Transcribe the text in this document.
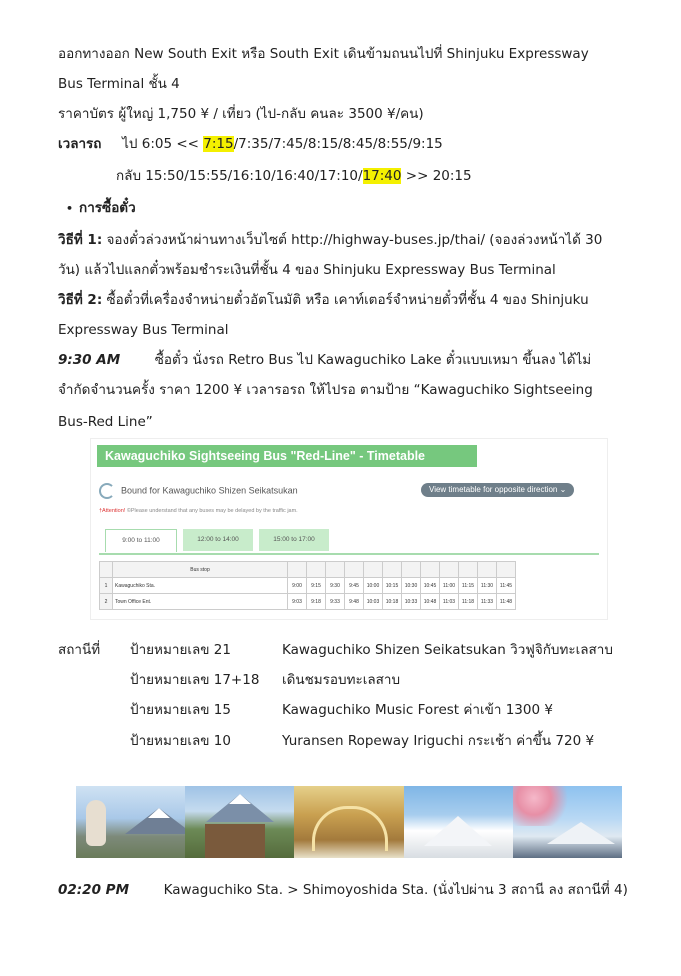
ออกทางออก New South Exit หรือ South Exit เดินข้ามถนนไปที่ Shinjuku Expressway
Bus Terminal ชั้น 4
ราคาบัตร ผู้ใหญ่ 1,750 ¥ / เที่ยว (ไป-กลับ คนละ 3500 ¥/คน)
เวลารถ ไป 6:05 << 7:15/7:35/7:45/8:15/8:45/8:55/9:15
กลับ 15:50/15:55/16:10/16:40/17:10/17:40 >> 20:15
• การซื้อตั๋ว
วิธีที่ 1: จองตั๋วล่วงหน้าผ่านทางเว็บไซต์ http://highway-buses.jp/thai/ (จองล่วงหน้าได้ 30
วัน) แล้วไปแลกตั๋วพร้อมชำระเงินที่ชั้น 4 ของ Shinjuku Expressway Bus Terminal
วิธีที่ 2: ซื้อตั๋วที่เครื่องจำหน่ายตั๋วอัตโนมัติ หรือ เคาท์เตอร์จำหน่ายตั๋วที่ชั้น 4 ของ Shinjuku
Expressway Bus Terminal
9:30 AM	ซื้อตั๋ว นั่งรถ Retro Bus ไป Kawaguchiko Lake ตั๋วแบบเหมา ขึ้นลง ได้ไม่
จำกัดจำนวนครั้ง ราคา 1200 ¥ เวลารอรถ ให้ไปรอ ตามป้าย “Kawaguchiko Sightseeing
Bus-Red Line”
Kawaguchiko Sightseeing Bus "Red-Line" - Timetable
Bound for Kawaguchiko Shizen Seikatsukan	View timetable for opposite direction ⌄
†Attention! ©Please understand that any buses may be delayed by the traffic jam.
9:00 to 11:00	12:00 to 14:00	15:00 to 17:00
	Bus stop												
1	Kawaguchiko Sta.	9:00	9:15	9:30	9:45	10:00	10:15	10:30	10:45	11:00	11:15	11:30	11:45
2	Town Office Ent.	9:03	9:18	9:33	9:48	10:03	10:18	10:33	10:48	11:03	11:18	11:33	11:48
สถานีที่ ป้ายหมายเลข 21	Kawaguchiko Shizen Seikatsukan วิวฟูจิกับทะเลสาบ
ป้ายหมายเลข 17+18 เดินชมรอบทะเลสาบ
ป้ายหมายเลข 15	Kawaguchiko Music Forest ค่าเข้า 1300 ¥
ป้ายหมายเลข 10	Yuransen Ropeway Iriguchi กระเช้า ค่าขึ้น 720 ¥
02:20 PM	Kawaguchiko Sta. > Shimoyoshida Sta. (นั่งไปผ่าน 3 สถานี ลง สถานีที่ 4)
